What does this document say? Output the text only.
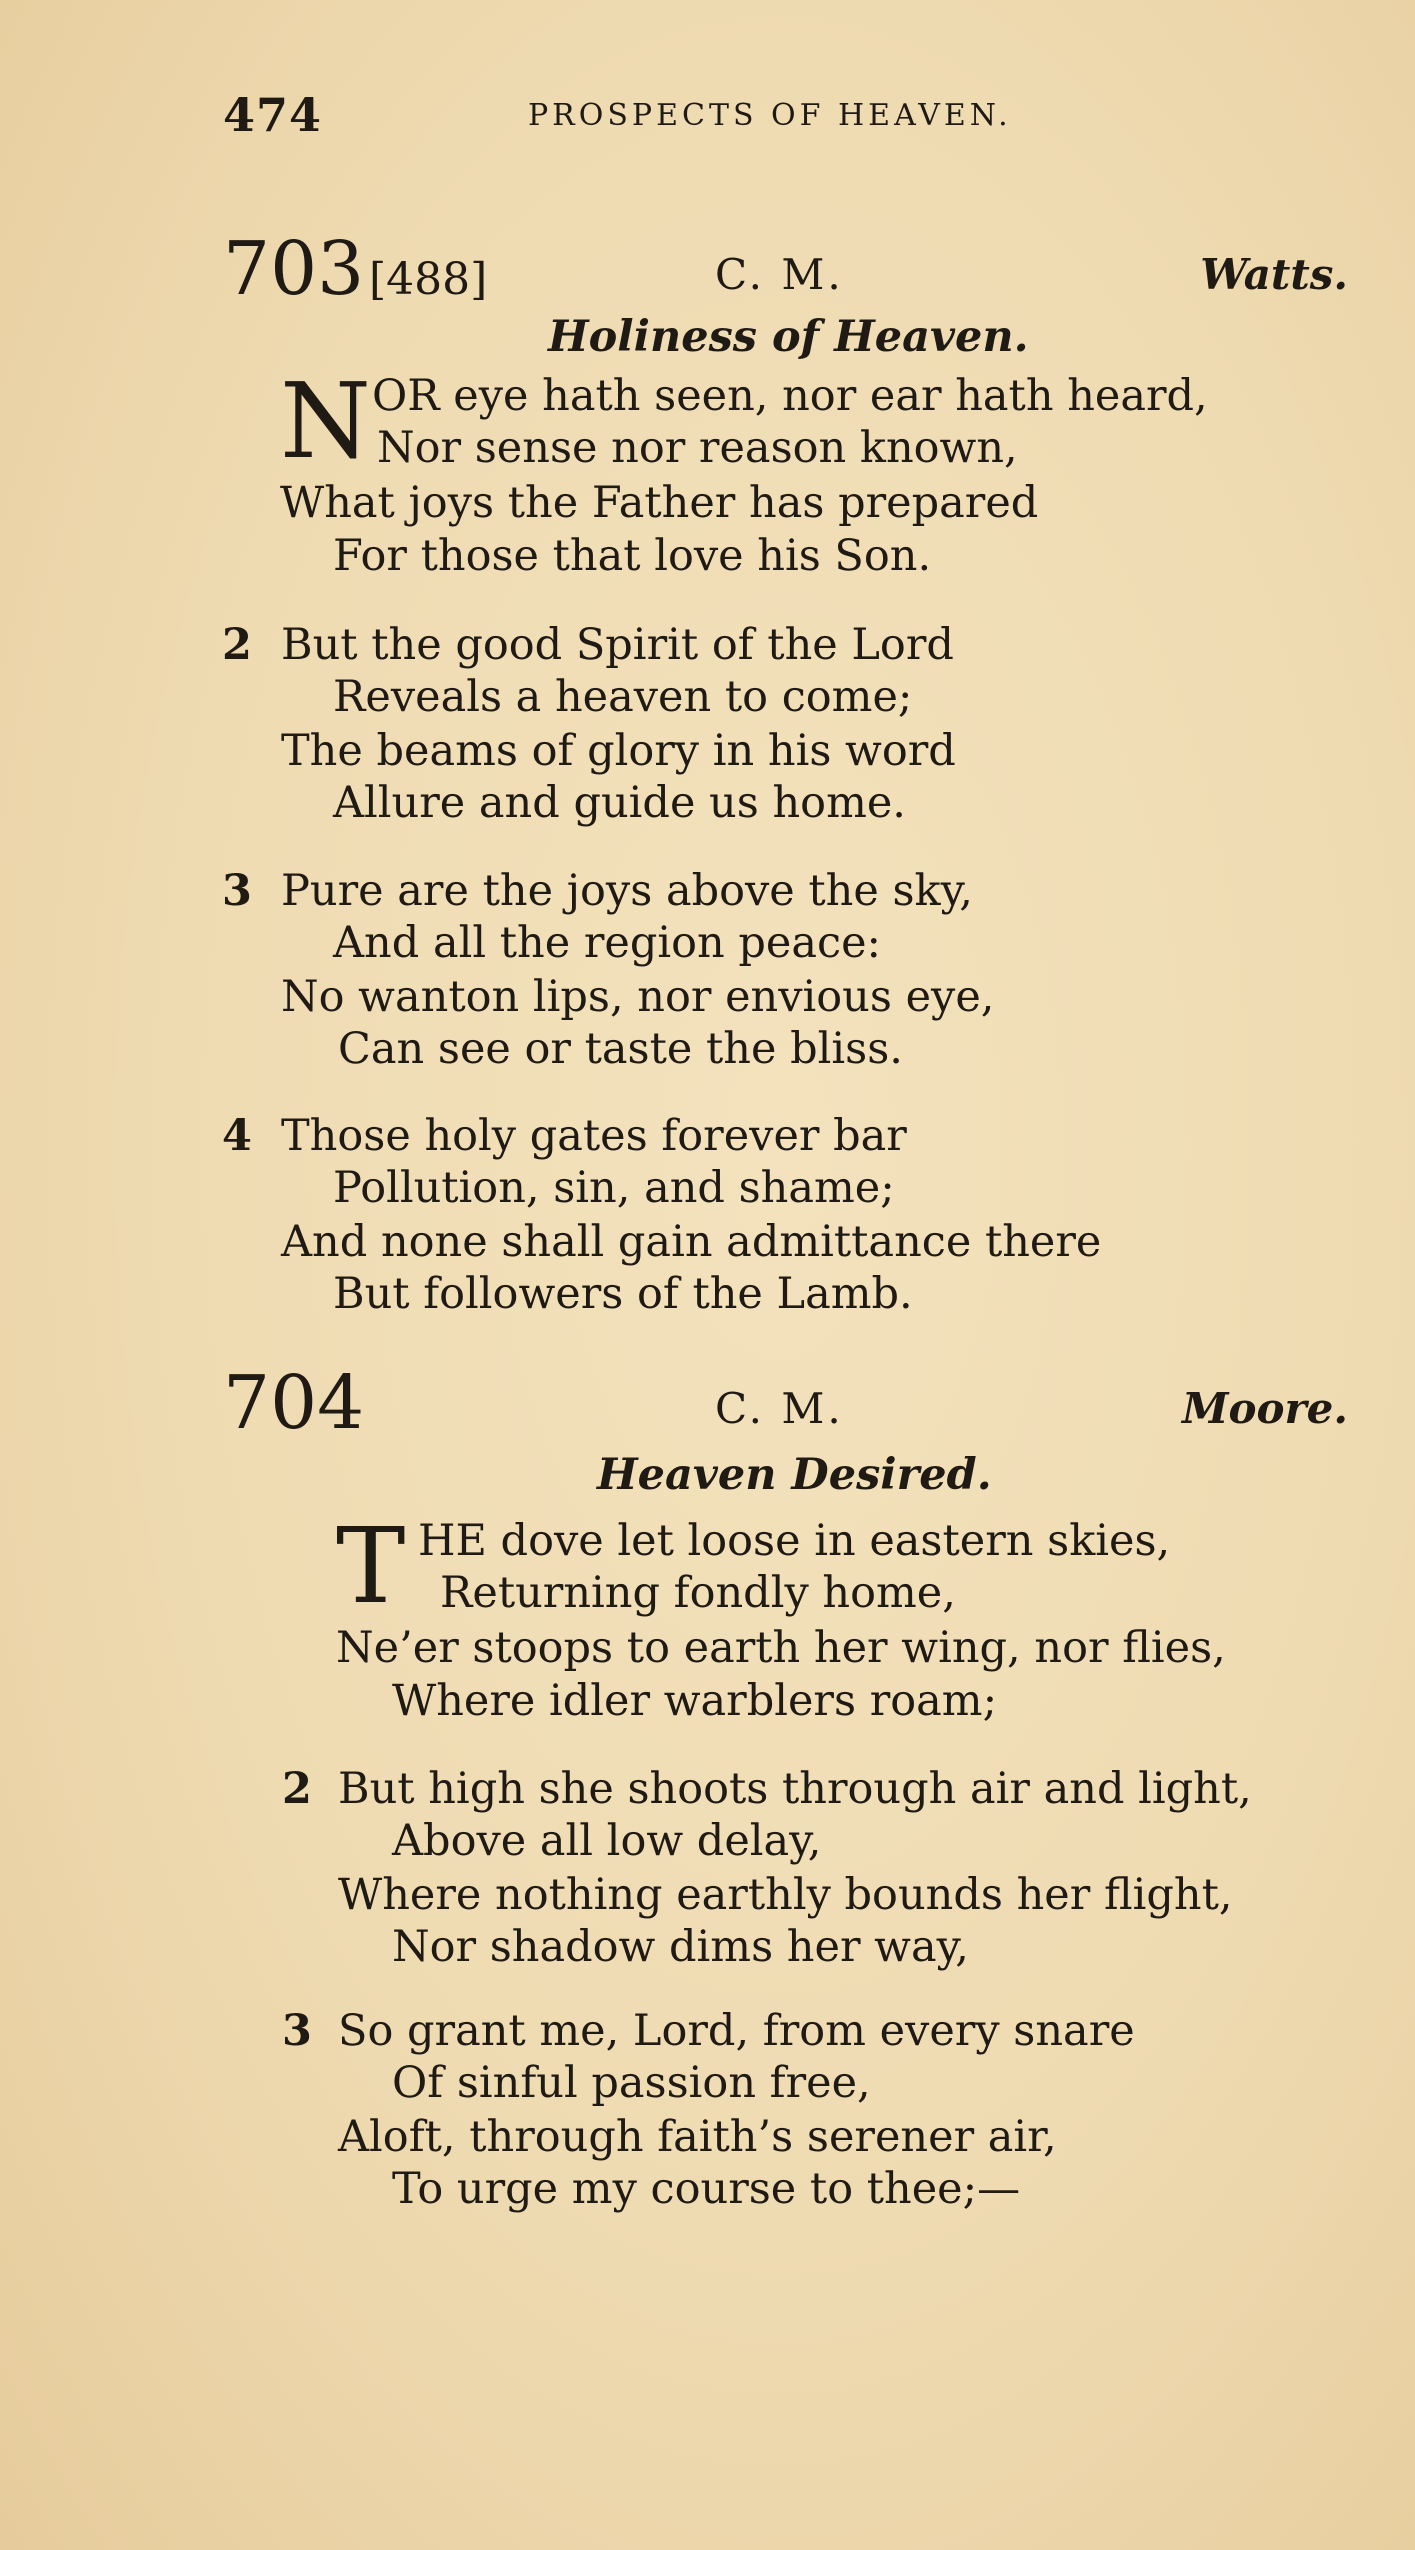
474	PROSPECTS OF HEAVEN.
703 [488]	C. M.	Watts.
Holiness of Heaven.
N OR eye hath seen, nor ear hath heard,
Nor sense nor reason known,
What joys the Father has prepared
For those that love his Son.
2 But the good Spirit of the Lord
Reveals a heaven to come;
The beams of glory in his word
Allure and guide us home.
3 Pure are the joys above the sky,
And all the region peace:
No wanton lips, nor envious eye,
Can see or taste the bliss.
4 Those holy gates forever bar
Pollution, sin, and shame;
And none shall gain admittance there
But followers of the Lamb.
704	C. M.	Moore.
Heaven Desired.
T HE dove let loose in eastern skies,
Returning fondly home,
Ne’er stoops to earth her wing, nor flies,
Where idler warblers roam;
2 But high she shoots through air and light,
Above all low delay,
Where nothing earthly bounds her flight,
Nor shadow dims her way,
3 So grant me, Lord, from every snare
Of sinful passion free,
Aloft, through faith’s serener air,
To urge my course to thee;—
